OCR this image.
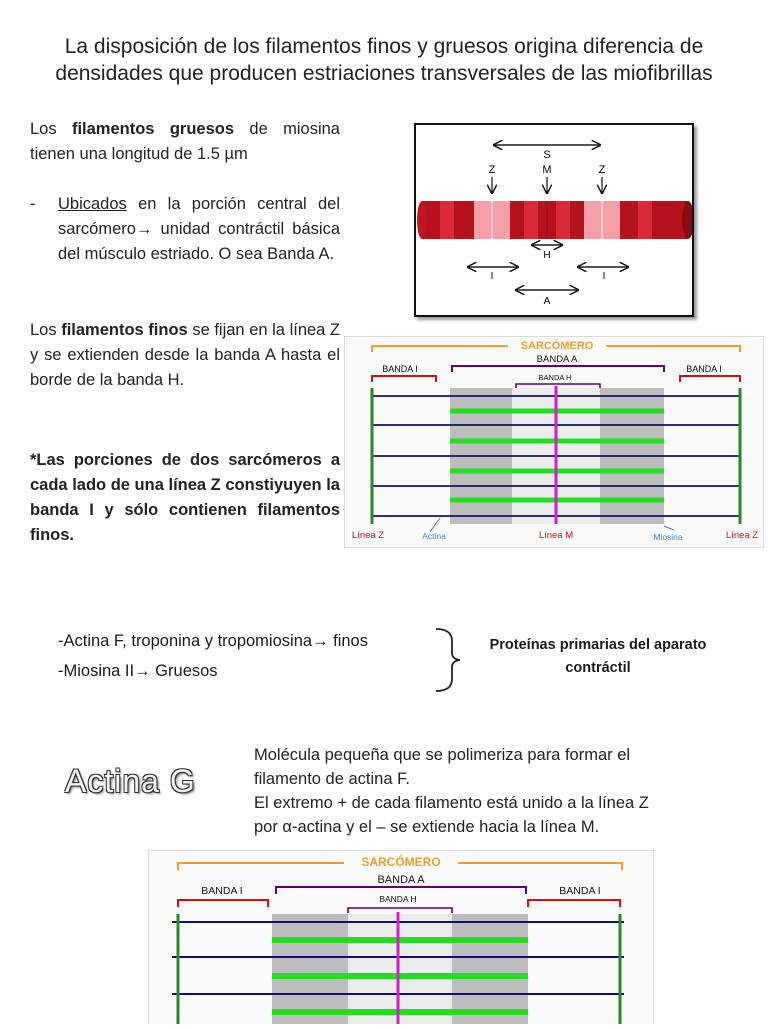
La disposición de los filamentos finos y gruesos origina diferencia de densidades que producen estriaciones transversales de las miofibrillas
Los filamentos gruesos de miosina tienen una longitud de 1.5 µm
-	Ubicados en la porción central del sarcómero→ unidad contráctil básica del músculo estriado. O sea Banda A.
Los filamentos finos se fijan en la línea Z y se extienden desde la banda A hasta el borde de la banda H.
*Las porciones de dos sarcómeros a cada lado de una línea Z constiyuyen la banda I y sólo contienen filamentos finos.
-Actina F, troponina y tropomiosina→ finos
-Miosina II→ Gruesos
Proteínas primarias del aparato contráctil
Actina G
Molécula pequeña que se polimeriza para formar el
filamento de actina F.
El extremo + de cada filamento está unido a la línea Z
por α-actina y el – se extiende hacia la línea M.
S
Z	M	Z
H
I	I
A
SARCÓMERO
BANDA A
BANDA I	BANDA I
BANDA H
Línea Z	Actina	Línea M	Miosina	Línea Z
SARCÓMERO
BANDA A
BANDA I	BANDA I
BANDA H
